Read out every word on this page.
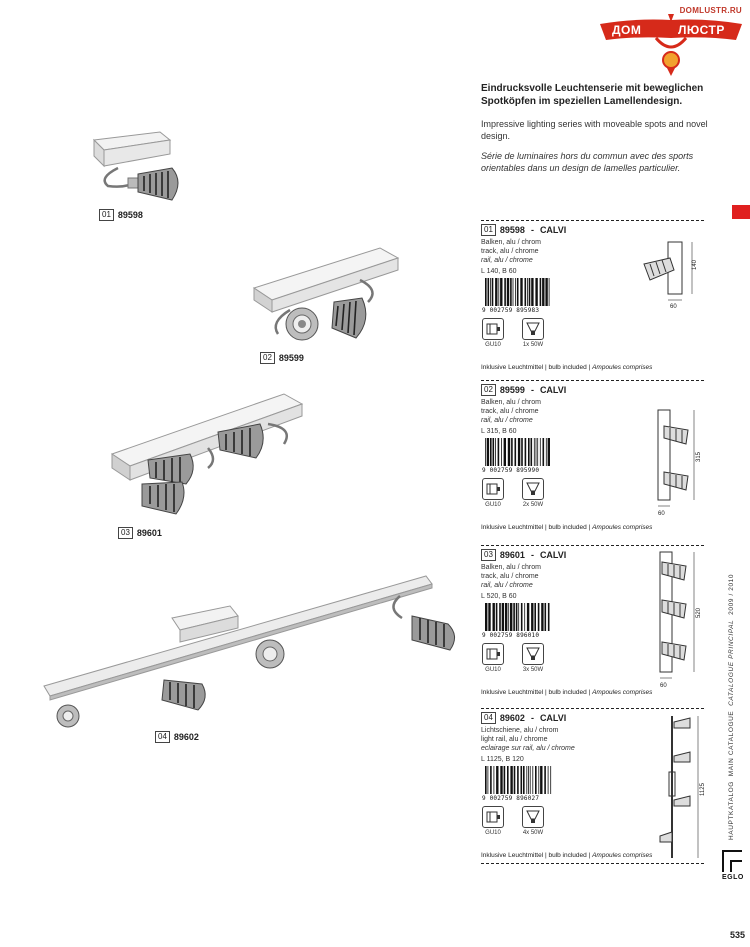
DOMLUSTR.RU
ДОМ	ЛЮСТР
01 89598
02 89599
03 89601
04 89602

Eindrucksvolle Leuchtenserie mit beweglichen Spotköpfen im speziellen Lamellendesign.

Impressive lighting series with moveable spots and novel design.

Série de luminaires hors du commun avec des sports orientables dans un design de lamelles particulier.

01 89598 - CALVI
Balken, alu / chrom
track, alu / chrome
rail, alu / chrome
L 140, B 60
9 002759 895983
GU10	1x 50W
Inklusive Leuchtmittel | bulb included | Ampoules comprises
140
60
02 89599 - CALVI
Balken, alu / chrom
track, alu / chrome
rail, alu / chrome
L 315, B 60
9 002759 895990
GU10	2x 50W
Inklusive Leuchtmittel | bulb included | Ampoules comprises
315
60
03 89601 - CALVI
Balken, alu / chrom
track, alu / chrome
rail, alu / chrome
L 520, B 60
9 002759 896010
GU10	3x 50W
Inklusive Leuchtmittel | bulb included | Ampoules comprises
520
60
04 89602 - CALVI
Lichtschiene, alu / chrom
light rail, alu / chrome
eclairage sur rail, alu / chrome
L 1125, B 120
9 002759 896027
GU10	4x 50W
Inklusive Leuchtmittel | bulb included | Ampoules comprises
1125	HAUPTKATALOG  MAIN CATALOGUE  CATALOGUE PRINCIPAL  2009 / 2010
EGLO
535
